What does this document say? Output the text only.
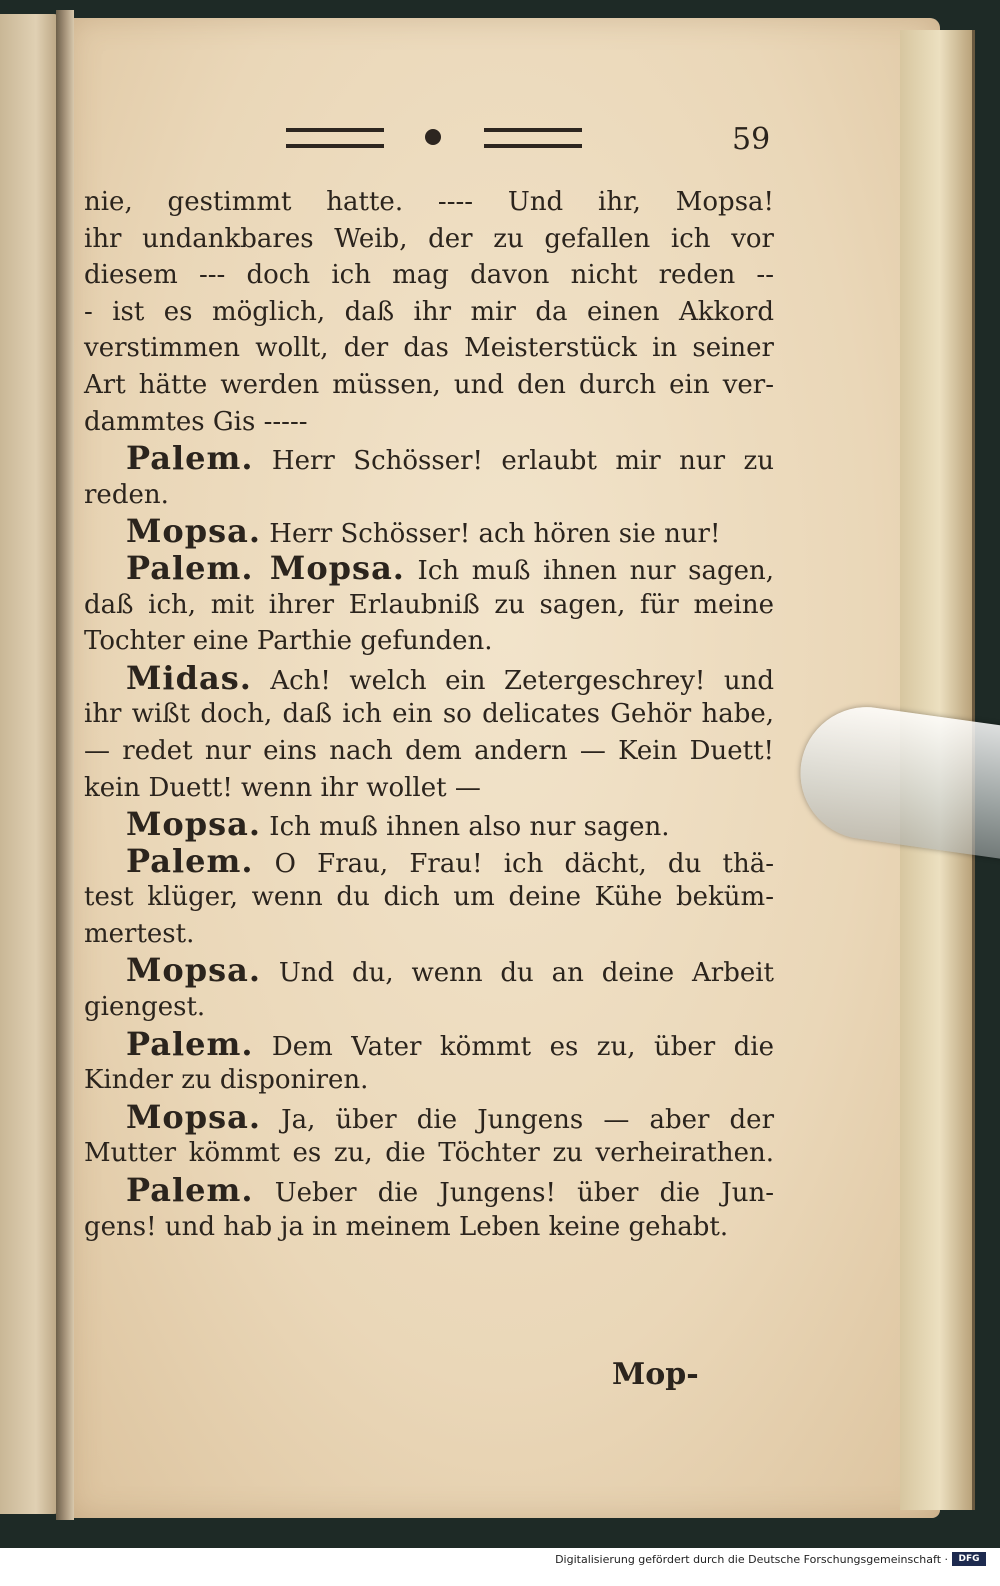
59
nie, gestimmt hatte. ---- Und ihr, Mopsa!
ihr undankbares Weib, der zu gefallen ich vor
diesem --- doch ich mag davon nicht reden --
- ist es möglich, daß ihr mir da einen Akkord
verstimmen wollt, der das Meisterstück in seiner
Art hätte werden müssen, und den durch ein ver-
dammtes Gis -----
Palem. Herr Schösser! erlaubt mir nur zu
reden.
Mopsa. Herr Schösser! ach hören sie nur!
Palem. Mopsa. Ich muß ihnen nur sagen,
daß ich, mit ihrer Erlaubniß zu sagen, für meine
Tochter eine Parthie gefunden.
Midas. Ach! welch ein Zetergeschrey! und
ihr wißt doch, daß ich ein so delicates Gehör habe,
— redet nur eins nach dem andern — Kein Duett!
kein Duett! wenn ihr wollet —
Mopsa. Ich muß ihnen also nur sagen.
Palem. O Frau, Frau! ich dächt, du thä-
test klüger, wenn du dich um deine Kühe beküm-
mertest.
Mopsa. Und du, wenn du an deine Arbeit
giengest.
Palem. Dem Vater kömmt es zu, über die
Kinder zu disponiren.
Mopsa. Ja, über die Jungens — aber der
Mutter kömmt es zu, die Töchter zu verheirathen.
Palem. Ueber die Jungens! über die Jun-
gens! und hab ja in meinem Leben keine gehabt.
Mop-
Digitalisierung gefördert durch die Deutsche Forschungsgemeinschaft ·	DFG
